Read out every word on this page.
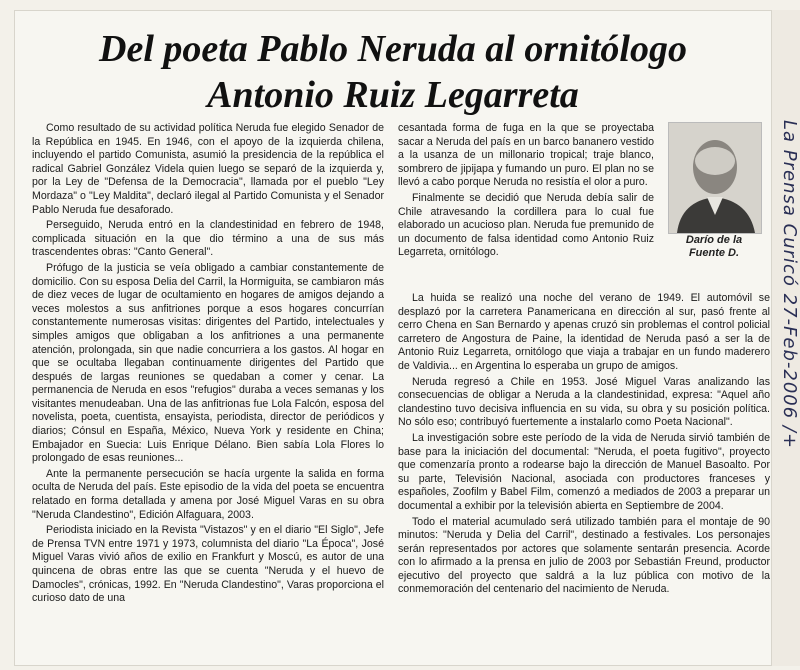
Del poeta Pablo Neruda al ornitólogo
Antonio Ruiz Legarreta

Como resultado de su actividad política Neruda fue elegido Senador de la República en 1945. En 1946, con el apoyo de la izquierda chilena, incluyendo el partido Comunista, asumió la presidencia de la república el radical Gabriel González Videla quien luego se separó de la izquierda y, por la Ley de "Defensa de la Democracia", llamada por el pueblo "Ley Mordaza" o "Ley Maldita", declaró ilegal al Partido Comunista y el Senador Pablo Neruda fue desaforado.

Perseguido, Neruda entró en la clandestinidad en febrero de 1948, complicada situación en la que dio término a una de sus más trascendentes obras: "Canto General".

Prófugo de la justicia se veía obligado a cambiar constantemente de domicilio. Con su esposa Delia del Carril, la Hormiguita, se cambiaron más de diez veces de lugar de ocultamiento en hogares de amigos dejando a veces molestos a sus anfitriones porque a esos hogares concurrían constantemente numerosas visitas: dirigentes del Partido, intelectuales y simples amigos que obligaban a los anfitriones a una permanente atención, prolongada, sin que nadie concurriera a los gastos. Al hogar en que se ocultaba llegaban continuamente dirigentes del Partido que después de largas reuniones se quedaban a comer y cenar. La permanencia de Neruda en esos "refugios" duraba a veces semanas y los visitantes menudeaban. Una de las anfitrionas fue Lola Falcón, esposa del novelista, poeta, cuentista, ensayista, periodista, director de periódicos y diarios; Cónsul en España, México, Nueva York y residente en China; Embajador en Suecia: Luis Enrique Délano. Bien sabía Lola Flores lo prolongado de esas reuniones...

Ante la permanente persecución se hacía urgente la salida en forma oculta de Neruda del país. Este episodio de la vida del poeta se encuentra relatado en forma detallada y amena por José Miguel Varas en su obra "Neruda Clandestino", Edición Alfaguara, 2003.

Periodista iniciado en la Revista "Vistazos" y en el diario "El Siglo", Jefe de Prensa TVN entre 1971 y 1973, columnista del diario "La Época", José Miguel Varas vivió años de exilio en Frankfurt y Moscú, es autor de una quincena de obras entre las que se cuenta "Neruda y el huevo de Damocles", crónicas, 1992. En "Neruda Clandestino", Varas proporciona el curioso dato de una

cesantada forma de fuga en la que se proyectaba sacar a Neruda del país en un barco bananero vestido a la usanza de un millonario tropical; traje blanco, sombrero de jipijapa y fumando un puro. El plan no se llevó a cabo porque Neruda no resistía el olor a puro.

Finalmente se decidió que Neruda debía salir de Chile atravesando la cordillera para lo cual fue elaborado un acucioso plan. Neruda fue premunido de un documento de falsa identidad como Antonio Ruiz Legarreta, ornitólogo.

Darío de la
Fuente D.

La huida se realizó una noche del verano de 1949. El automóvil se desplazó por la carretera Panamericana en dirección al sur, pasó frente al cerro Chena en San Bernardo y apenas cruzó sin problemas el control policial carretero de Angostura de Paine, la identidad de Neruda pasó a ser la de Antonio Ruiz Legarreta, ornitólogo que viaja a trabajar en un fundo maderero de Valdivia... en Argentina lo esperaba un grupo de amigos.

Neruda regresó a Chile en 1953. José Miguel Varas analizando las consecuencias de obligar a Neruda a la clandestinidad, expresa: "Aquel año clandestino tuvo decisiva influencia en su vida, su obra y su posición política. No sólo eso; contribuyó fuertemente a instalarlo como Poeta Nacional".

La investigación sobre este período de la vida de Neruda sirvió también de base para la iniciación del documental: "Neruda, el poeta fugitivo", proyecto que comenzaría pronto a rodearse bajo la dirección de Manuel Basoalto. Por su parte, Televisión Nacional, asociada con productores franceses y españoles, Zoofilm y Babel Film, comenzó a mediados de 2003 a preparar un documental a exhibir por la televisión abierta en Septiembre de 2004.

Todo el material acumulado será utilizado también para el montaje de 90 minutos: "Neruda y Delia del Carril", destinado a festivales. Los personajes serán representados por actores que solamente sentarán presencia. Acorde con lo afirmado a la prensa en julio de 2003 por Sebastián Freund, productor ejecutivo del proyecto que saldrá a la luz pública con motivo de la conmemoración del centenario del nacimiento de Neruda.

La Prensa Curicó 27-Feb-2006 /+
